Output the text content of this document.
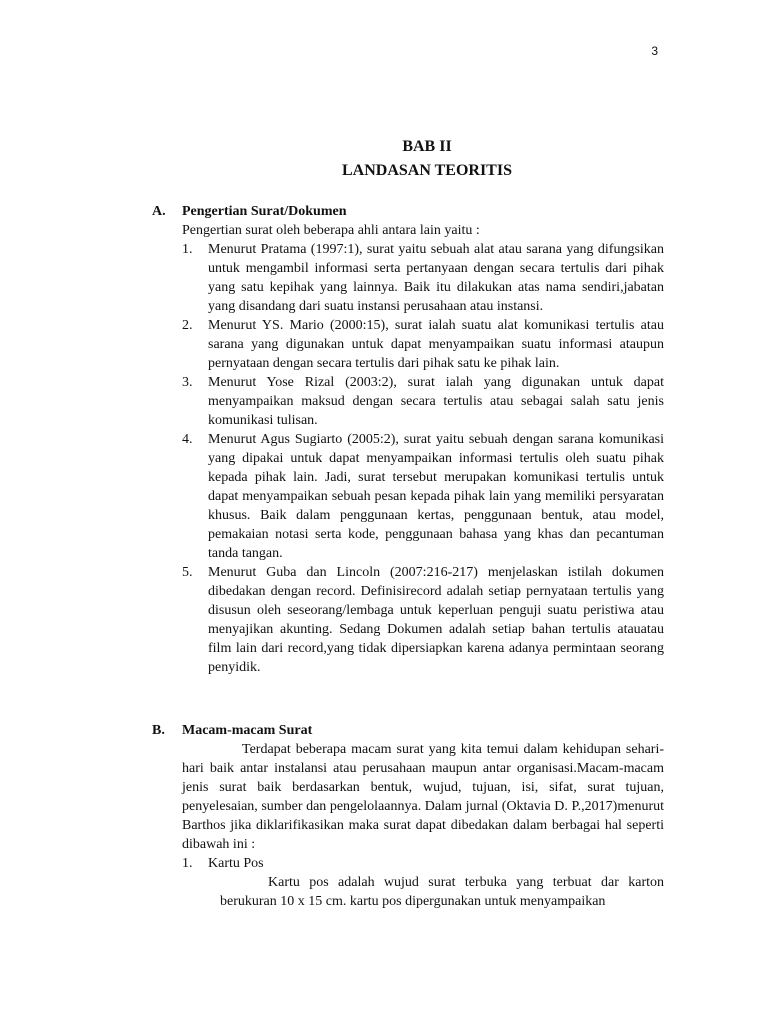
3
BAB II
LANDASAN TEORITIS
A. Pengertian Surat/Dokumen

Pengertian surat oleh beberapa ahli antara lain yaitu :

1. Menurut Pratama (1997:1), surat yaitu sebuah alat atau sarana yang difungsikan untuk mengambil informasi serta pertanyaan dengan secara tertulis dari pihak yang satu kepihak yang lainnya. Baik itu dilakukan atas nama sendiri,jabatan yang disandang dari suatu instansi perusahaan atau instansi.
2. Menurut YS. Mario (2000:15), surat ialah suatu alat komunikasi tertulis atau sarana yang digunakan untuk dapat menyampaikan suatu informasi ataupun pernyataan dengan secara tertulis dari pihak satu ke pihak lain.
3. Menurut Yose Rizal (2003:2), surat ialah yang digunakan untuk dapat menyampaikan maksud dengan secara tertulis atau sebagai salah satu jenis komunikasi tulisan.
4. Menurut Agus Sugiarto (2005:2), surat yaitu sebuah dengan sarana komunikasi yang dipakai untuk dapat menyampaikan informasi tertulis oleh suatu pihak kepada pihak lain. Jadi, surat tersebut merupakan komunikasi tertulis untuk dapat menyampaikan sebuah pesan kepada pihak lain yang memiliki persyaratan khusus. Baik dalam penggunaan kertas, penggunaan bentuk, atau model, pemakaian notasi serta kode, penggunaan bahasa yang khas dan pecantuman tanda tangan.
5. Menurut Guba dan Lincoln (2007:216-217) menjelaskan istilah dokumen dibedakan dengan record. Definisirecord adalah setiap pernyataan tertulis yang disusun oleh seseorang/lembaga untuk keperluan penguji suatu peristiwa atau menyajikan akunting. Sedang Dokumen adalah setiap bahan tertulis atauatau film lain dari record,yang tidak dipersiapkan karena adanya permintaan seorang penyidik.
B. Macam-macam Surat

Terdapat beberapa macam surat yang kita temui dalam kehidupan sehari-hari baik antar instalansi atau perusahaan maupun antar organisasi.Macam-macam jenis surat baik berdasarkan bentuk, wujud, tujuan, isi, sifat, surat tujuan, penyelesaian, sumber dan pengelolaannya. Dalam jurnal (Oktavia D. P.,2017)menurut Barthos jika diklarifikasikan maka surat dapat dibedakan dalam berbagai hal seperti dibawah ini :

1. Kartu Pos

Kartu pos adalah wujud surat terbuka yang terbuat dar karton berukuran 10 x 15 cm. kartu pos dipergunakan untuk menyampaikan
